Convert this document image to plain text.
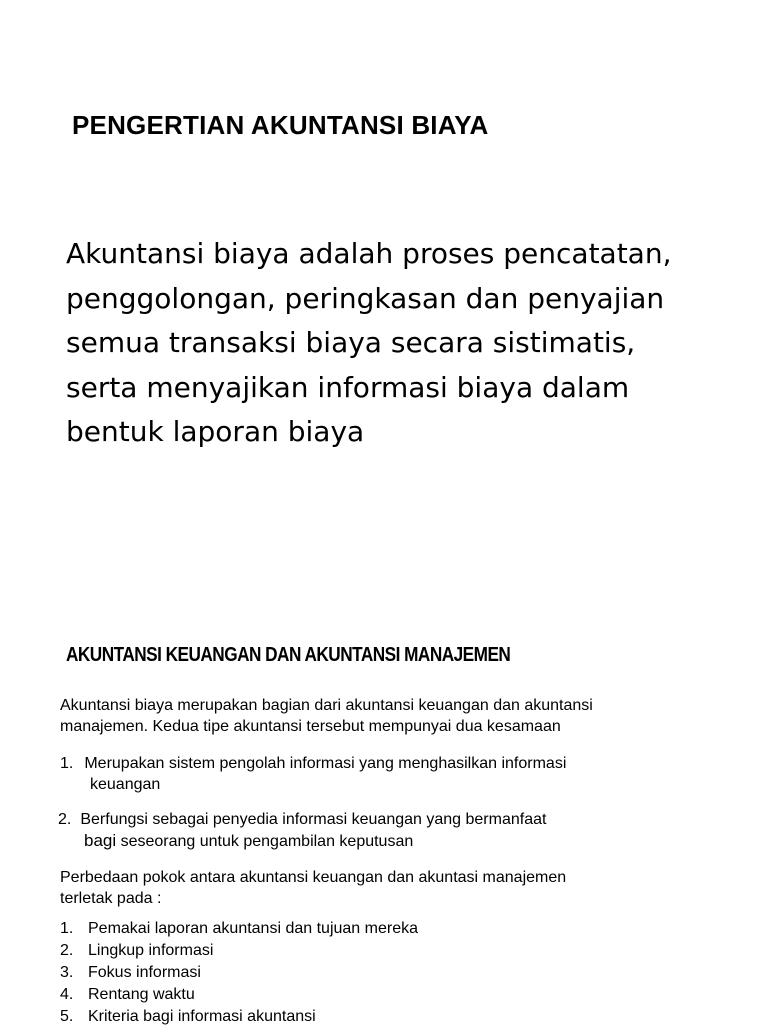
PENGERTIAN AKUNTANSI BIAYA
Akuntansi biaya adalah proses pencatatan,
penggolongan, peringkasan dan penyajian
semua transaksi biaya secara sistimatis,
serta menyajikan informasi biaya dalam
bentuk laporan biaya
AKUNTANSI KEUANGAN DAN AKUNTANSI MANAJEMEN
Akuntansi biaya merupakan bagian dari akuntansi keuangan dan akuntansi
manajemen. Kedua tipe akuntansi tersebut mempunyai dua kesamaan
1. Merupakan sistem pengolah informasi yang menghasilkan informasi
keuangan
2. Berfungsi sebagai penyedia informasi keuangan yang bermanfaat
bagi seseorang untuk pengambilan keputusan
Perbedaan pokok antara akuntansi keuangan dan akuntasi manajemen
terletak pada :
1. Pemakai laporan akuntansi dan tujuan mereka
2. Lingkup informasi
3. Fokus informasi
4. Rentang waktu
5. Kriteria bagi informasi akuntansi
